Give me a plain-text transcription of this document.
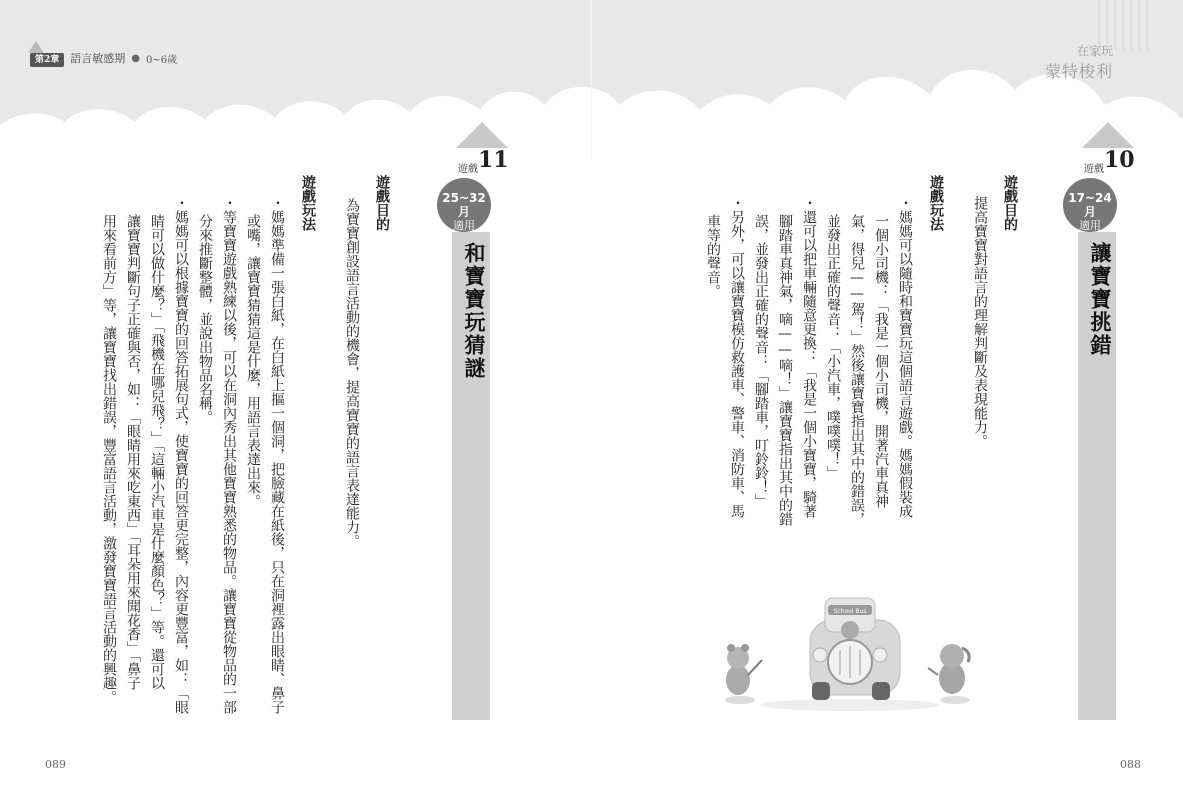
第2章	語言敏感期 ● 0~6歲
在家玩
蒙特梭利
遊戲 11
25~32月
適用
和寶寶玩猜謎
遊戲目的
為寶寶創設語言活動的機會，提高寶寶的語言表達能力。
遊戲玩法
・ 媽媽準備一張白紙，在白紙上摳一個洞，把臉藏在紙後，只在洞裡露出眼睛、鼻子
或嘴，讓寶寶猜猜這是什麼，用語言表達出來。
・ 等寶寶遊戲熟練以後，可以在洞內秀出其他寶寶熟悉的物品。讓寶寶從物品的一部
分來推斷整體，並說出物品名稱。
・ 媽媽可以根據寶寶的回答拓展句式，使寶寶的回答更完整，內容更豐富，如：「眼
睛可以做什麼？」「飛機在哪兒飛？」「這輛小汽車是什麼顏色？」等。還可以
讓寶寶判斷句子正確與否，如：「眼睛用來吃東西」「耳朵用來聞花香」「鼻子
用來看前方」等，讓寶寶找出錯誤，豐富語言活動，激發寶寶語言活動的興趣。
089
遊戲 10
17~24月
適用
讓寶寶挑錯
遊戲目的
提高寶寶對語言的理解判斷及表現能力。
遊戲玩法
・ 媽媽可以隨時和寶寶玩這個語言遊戲。媽媽假裝成
一個小司機：「我是一個小司機，開著汽車真神
氣，得兒——駕！」然後讓寶寶指出其中的錯誤，
並發出正確的聲音：「小汽車，噗噗噗！」
・ 還可以把車輛隨意更換：「我是一個小寶寶，騎著
腳踏車真神氣，嘀——嘀！」讓寶寶指出其中的錯
誤，並發出正確的聲音：「腳踏車，叮鈴鈴！」
・ 另外，可以讓寶寶模仿救護車、警車、消防車、馬
車等的聲音。
School Bus
088
